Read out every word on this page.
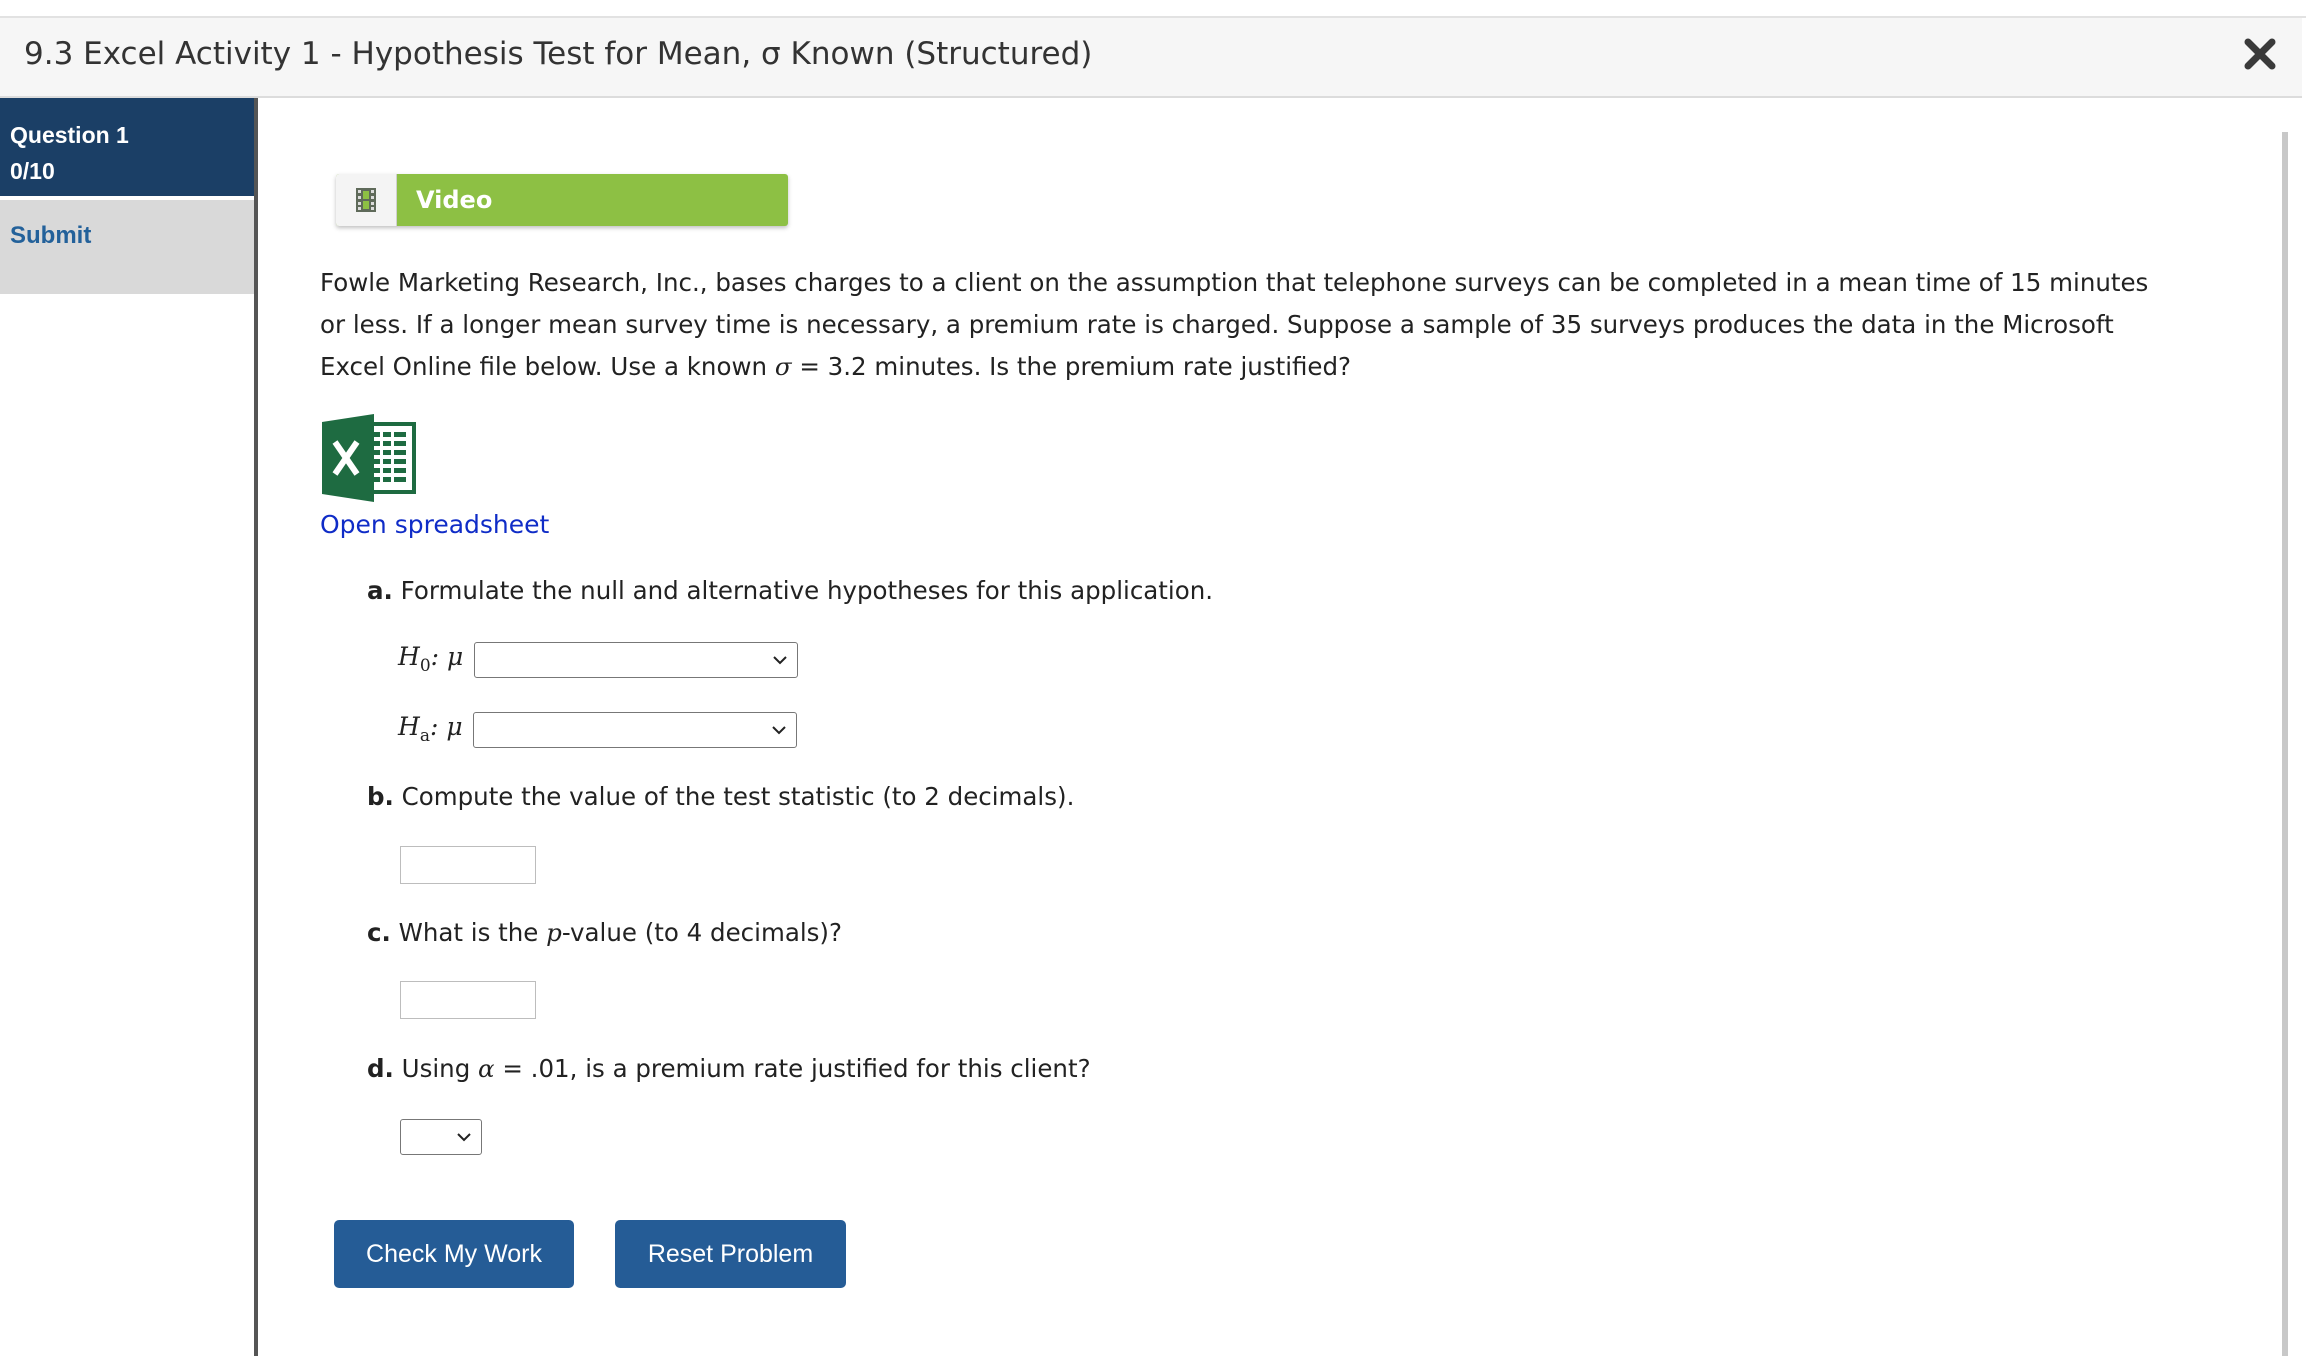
9.3 Excel Activity 1 - Hypothesis Test for Mean, σ Known (Structured)
Question 1
0/10
Submit
Video
Fowle Marketing Research, Inc., bases charges to a client on the assumption that telephone surveys can be completed in a mean time of 15 minutes or less. If a longer mean survey time is necessary, a premium rate is charged. Suppose a sample of 35 surveys produces the data in the Microsoft Excel Online file below. Use a known σ = 3.2 minutes. Is the premium rate justified?
Open spreadsheet
a. Formulate the null and alternative hypotheses for this application.
$H_0$: μ
$H_a$: μ
b. Compute the value of the test statistic (to 2 decimals).
c. What is the p-value (to 4 decimals)?
d. Using α = .01, is a premium rate justified for this client?
Check My Work	Reset Problem
